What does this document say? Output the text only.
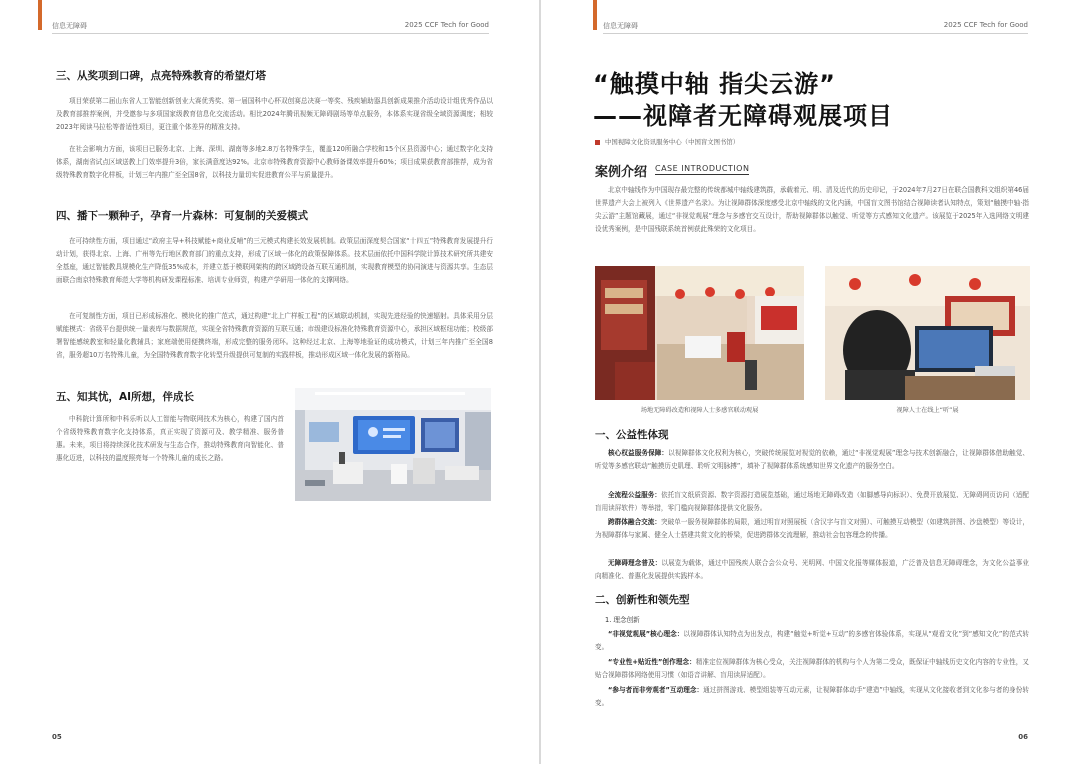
信息无障碍	2025 CCF Tech for Good
三、从奖项到口碑，点亮特殊教育的希望灯塔
项目荣获第二届山东省人工智能创新创业大赛优秀奖、第一届国科中心杯双创赛总决赛一等奖、残疾辅助器具创新成果推介活动设计组优秀作品以及教育部推荐案例，并受邀参与多项国家级教育信息化交流活动。相比2024年腾讯视频无障碍剧场等单点服务，本体系实现省级全域资源调度；相较2023年阅读马拉松等普适性项目，更注重个体差异的精准支持。
在社会影响力方面，该项目已服务北京、上海、深圳、湖南等多地2.8万名特殊学生，覆盖120所融合学校和15个区县资源中心；通过数字化支持体系，湖南省试点区域送教上门效率提升3倍，家长满意度达92%。北京市特殊教育资源中心教师备课效率提升60%；项目成果获教育部推荐，成为省级特殊教育数字化样板，计划三年内推广至全国8省，以科技力量切实促进教育公平与质量提升。
四、播下一颗种子，孕育一片森林：可复制的关爱模式
在可持续性方面，项目通过“政府主导+科技赋能+商业反哺”的三元模式构建长效发展机制。政策层面深度契合国家“十四五”特殊教育发展提升行动计划，获得北京、上海、广州等先行地区教育部门的重点支持，形成了区域一体化的政策保障体系。技术层面依托中国科学院计算技术研究所共建安全基座，通过智能教具规模化生产降低35%成本，并建立基于模联网架构的跨区域跨设备互联互通机制，实现教育模型的协同演进与资源共享。生态层面联合南京特殊教育师范大学等机构研发课程标准、培训专业师资，构建产学研用一体化的支撑网络。
在可复制性方面，项目已形成标准化、模块化的推广范式，通过构建“北上广样板工程”的区域联动机制，实现先进经验的快速辐射。具体采用分层赋能模式：省级平台提供统一量表库与数据规范，实现全省特殊教育资源的互联互通；市级建设标准化特殊教育资源中心，承担区域枢纽功能；校级部署智能感统教室和轻量化教辅具；家庭端使用便携终端，形成完整的服务闭环。这种经过北京、上海等地验证的成功模式，计划三年内推广至全国8省，服务超10万名特殊儿童，为全国特殊教育数字化转型升级提供可复制的实践样板，推动形成区域一体化发展的新格局。
五、知其忧，AI所想，伴成长
中科院计算所和中科乐听以人工智能与物联网技术为核心，构建了国内首个省级特殊教育数字化支持体系，真正实现了资源可及、教学精准、服务普惠。未来，项目将持续深化技术研发与生态合作，推动特殊教育向智能化、普惠化迈进，以科技的温度照亮每一个特殊儿童的成长之路。
05
信息无障碍	2025 CCF Tech for Good
“触摸中轴 指尖云游”
——视障者无障碍观展项目
中国视障文化资讯服务中心（中国盲文图书馆）
案例介绍 CASE INTRODUCTION
北京中轴线作为中国现存最完整的传统都城中轴线建筑群，承载着元、明、清及近代的历史印记，于2024年7月27日在联合国教科文组织第46届世界遗产大会上被列入《世界遗产名录》。为让视障群体深度感受北京中轴线的文化内涵，中国盲文图书馆结合视障读者认知特点，策划“触摸中轴·指尖云游”主题馆藏展，通过“非视觉观展”理念与多感官交互设计，帮助视障群体以触觉、听觉等方式感知文化遗产。该展览于2025年入选网络文明建设优秀案例，是中国残联系统首例获此殊荣的文化项目。
场地无障碍改造和视障人士多感官联动观展	视障人士在线上“听”展
一、公益性体现
核心权益服务保障：以视障群体文化权利为核心，突破传统展览对视觉的依赖，通过“非视觉观展”理念与技术创新融合，让视障群体借助触觉、听觉等多感官联动“触摸历史肌理、聆听文明脉搏”，填补了视障群体系统感知世界文化遗产的服务空白。
全流程公益服务：依托盲文纸质资源、数字资源打造展览基础，通过场地无障碍改造（如脚感导向标识）、免费开放展览、无障碍网页访问（适配盲用读屏软件）等举措，零门槛向视障群体提供文化服务。
跨群体融合交流：突破单一服务视障群体的局限，通过明盲对照展板（含汉字与盲文对照）、可触摸互动模型（如建筑拼图、沙盘模型）等设计，为视障群体与家属、健全人士搭建共赏文化的桥梁，促进跨群体交流理解，推动社会包容理念的传播。
无障碍理念普及：以展览为载体，通过中国残疾人联合会公众号、光明网、中国文化报等媒体报道，广泛普及信息无障碍理念，为文化公益事业向精准化、普惠化发展提供实践样本。
二、创新性和领先型
1. 理念创新
“非视觉观展”核心理念：以视障群体认知特点为出发点，构建“触觉+听觉+互动”的多感官体验体系，实现从“观看文化”到“感知文化”的范式转变。
“专业性+贴近性”创作理念：精准定位视障群体为核心受众，关注视障群体的机构与个人为第二受众，既保证中轴线历史文化内容的专业性，又贴合视障群体网络使用习惯（如语音讲解、盲用读屏适配）。
“参与者而非旁观者”互动理念：通过拼图游戏、模型组装等互动元素，让视障群体动手“建造”中轴线，实现从文化接收者到文化参与者的身份转变。
06
